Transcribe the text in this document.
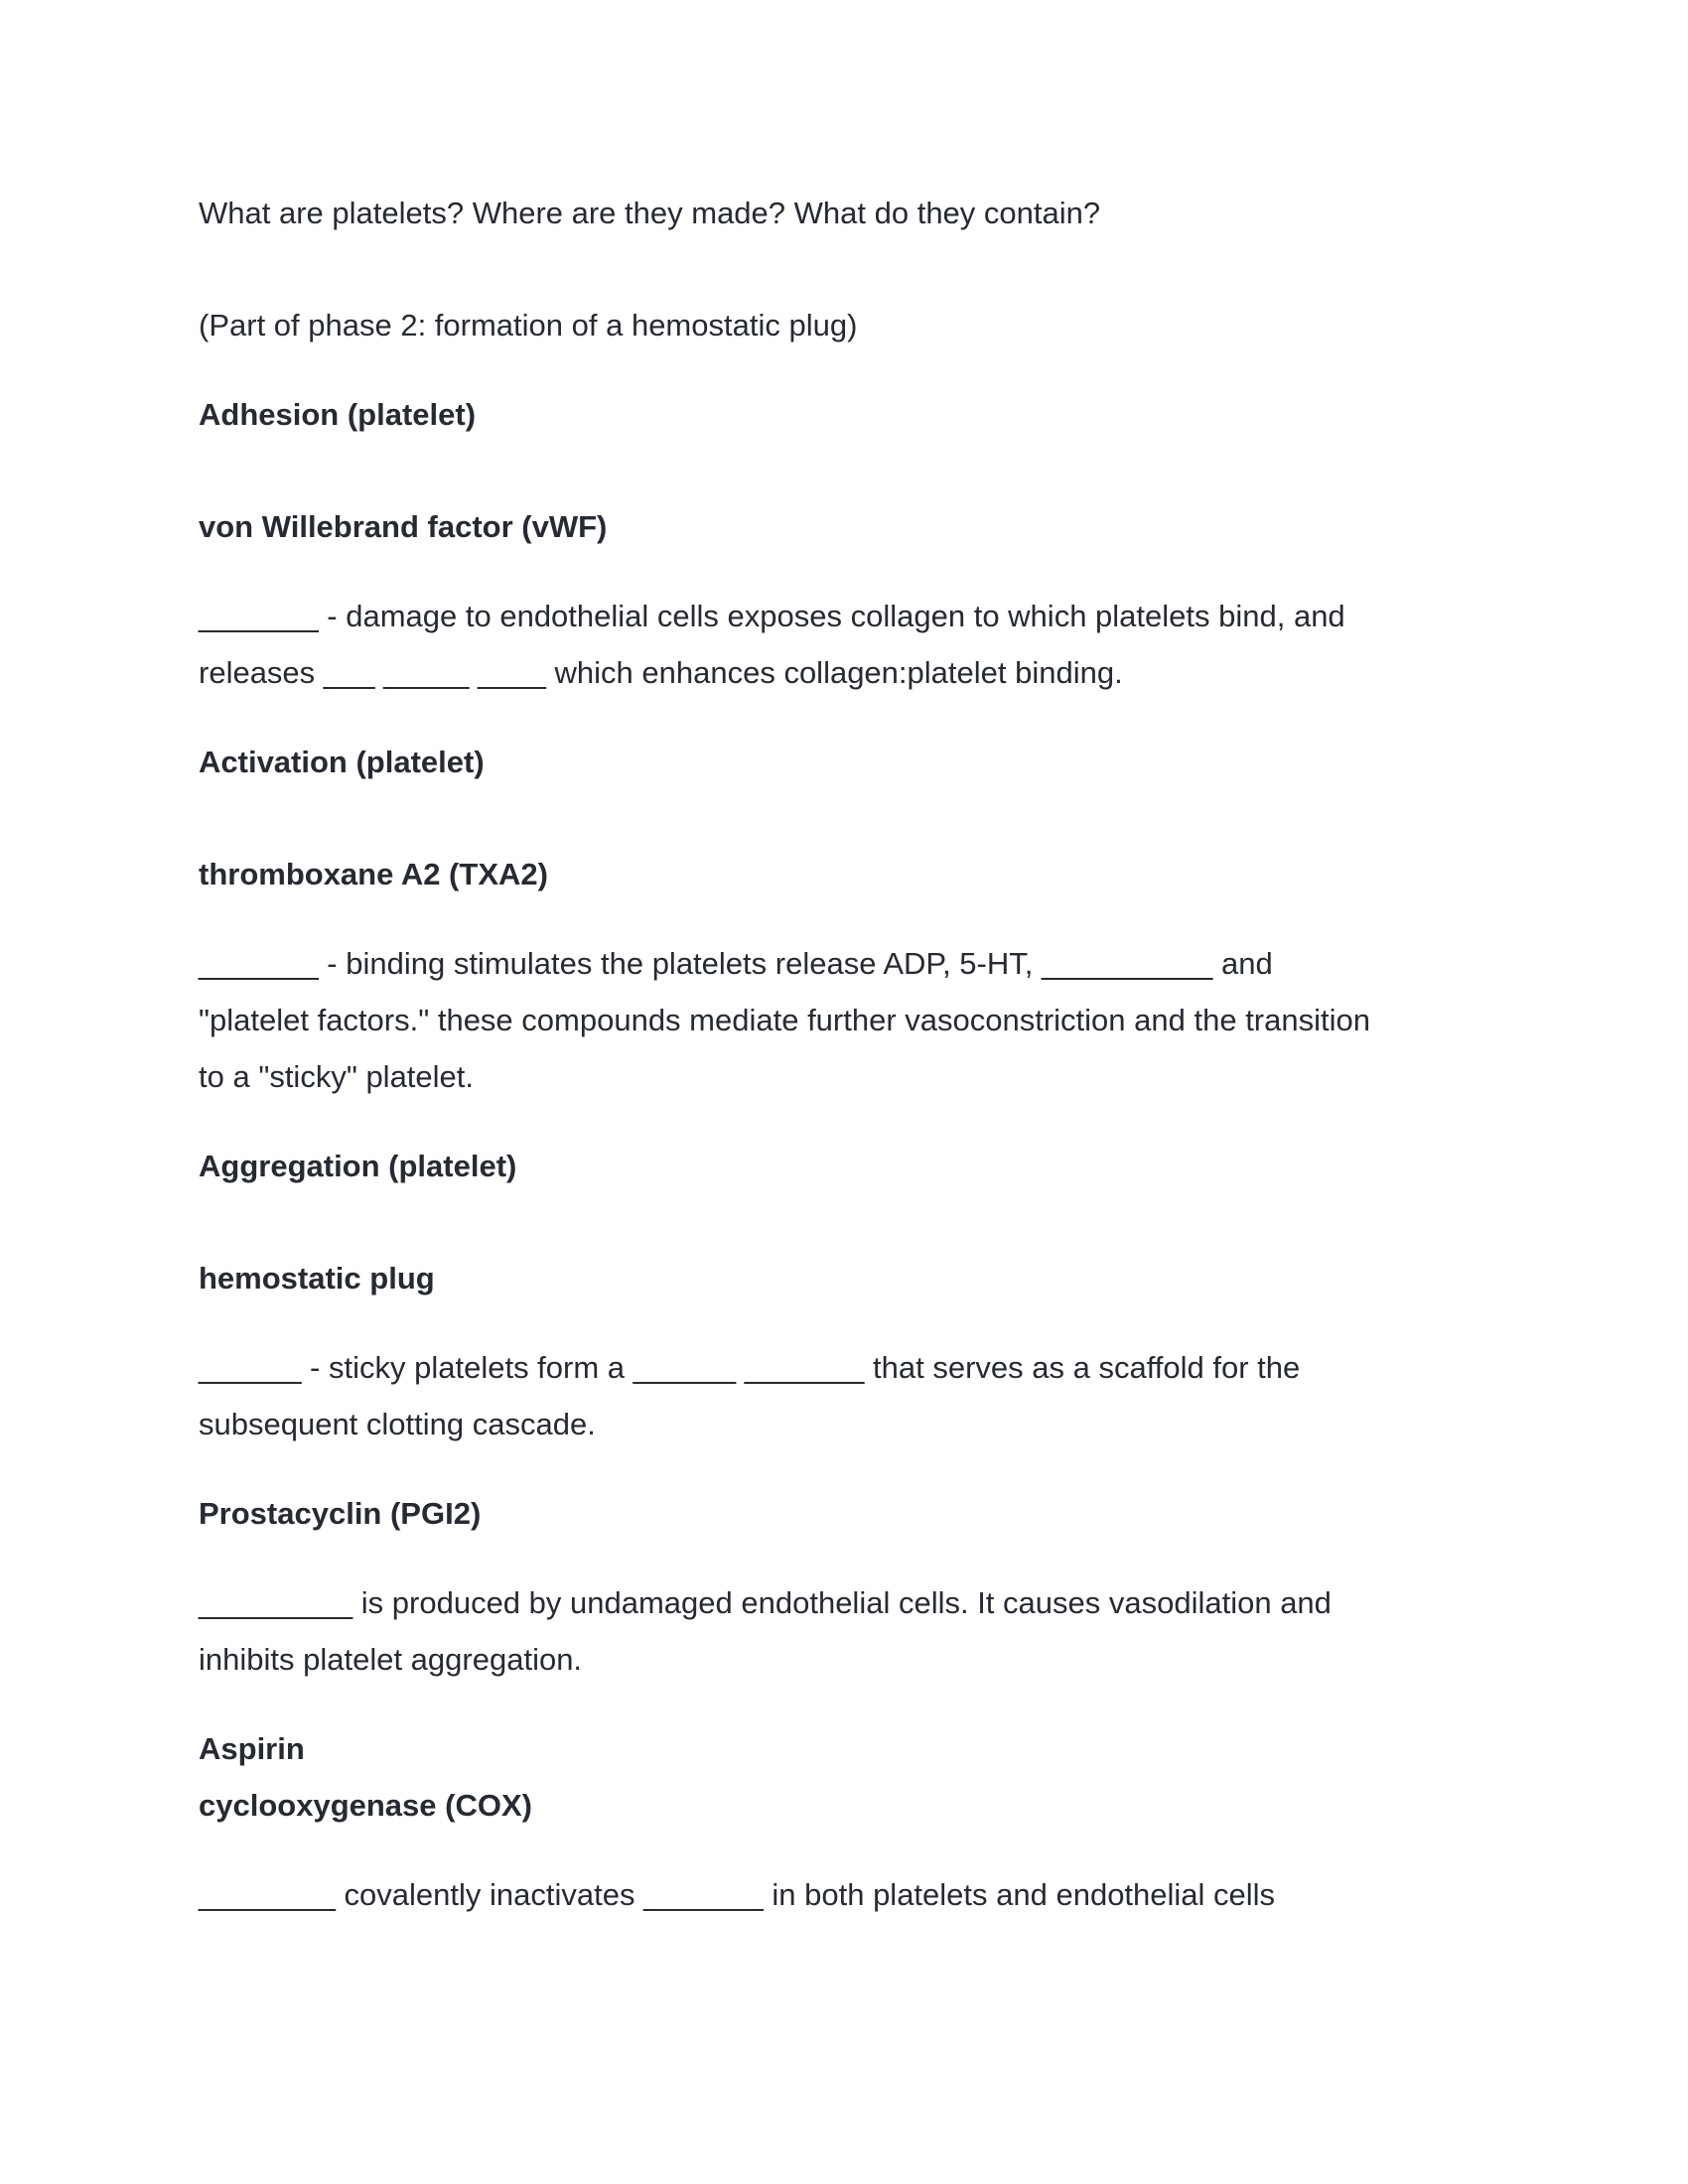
What are platelets? Where are they made? What do they contain?

(Part of phase 2: formation of a hemostatic plug)

Adhesion (platelet)

von Willebrand factor (vWF)

_______ - damage to endothelial cells exposes collagen to which platelets bind, and

releases ___ _____ ____ which enhances collagen:platelet binding.

Activation (platelet)

thromboxane A2 (TXA2)

_______ - binding stimulates the platelets release ADP, 5-HT, __________ and

"platelet factors." these compounds mediate further vasoconstriction and the transition

to a "sticky" platelet.

Aggregation (platelet)

hemostatic plug

______ - sticky platelets form a ______ _______ that serves as a scaffold for the

subsequent clotting cascade.

Prostacyclin (PGI2)

_________ is produced by undamaged endothelial cells. It causes vasodilation and

inhibits platelet aggregation.

Aspirin

cyclooxygenase (COX)

________ covalently inactivates _______ in both platelets and endothelial cells
